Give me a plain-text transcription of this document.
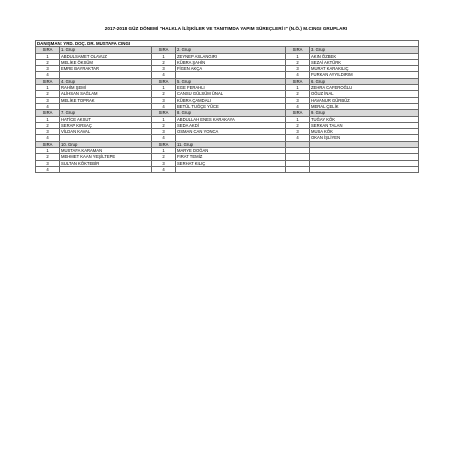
2017-2018 GÜZ DÖNEMİ "HALKLA İLİŞKİLER VE TANITIMDA YAPIM SÜREÇLERİ I" (N.Ö.) M.CINGI GRUPLARI
DANIŞMAN: YRD. DOÇ. DR. MUSTAFA CINGI					
SIRA	1. Grup	SIRA	2. Grup	SIRA	3. Grup
1	ABDULSAMET OLAVUZ	1	ZEYNEP ASLANGIRI	1	AKIN ÖZBEK
2	MELİKE ÖKSÜM	2	KÜBRA ŞAHİN	2	SEZAİ AKTÜRK
3	EMRE BAYRAKTAR	3	FİGEN AKÇA	3	MURAT KARAKILIÇ
4		4		4	FURKAN AYYILDIRIM
SIRA	4. Grup	SIRA	5. Grup	SIRA	6. Grup
1	RAHİM ŞEMİ	1	EGE FERAHLI	1	ZEHRA CAFEROĞLU
2	ALİHSAN SAĞLAM	2	CANSU GÜLSÜM ÜNAL	2	OĞUZ İNAL
3	MELİKE TOPRAK	3	KÜBRA ÇAMDALI	3	HAVANUR GÜRBÜZ
4		4	BETÜL TUĞÇE YÜCE	4	MERAL ÇELİK
SIRA	7. Grup	SIRA	8. Grup	SIRA	9. Grup
1	HATİCE AKSUT	1	ABDULLAH ENES KARAKAYA	1	TUĞAY KÖK
2	SERAP KIRSAÇ	2	SEDA AKDİ	2	SERKAN TALAN
3	VİLDAN KAVAL	3	OSMAN CAN YONCA	3	MUSA KÖK
4		4		4	OKAN İŞLİYEN
SIRA	10. Grup	SIRA	11. Grup		
1	MUSTAFA KARAMAN	1	MARYE DOĞAN		
2	MEHMET KAAN YEŞİLTEPE	2	FIRAT TEMİZ		
3	SULTAN KÖKTEBİR	3	SERHAT KILIÇ		
4		4			
